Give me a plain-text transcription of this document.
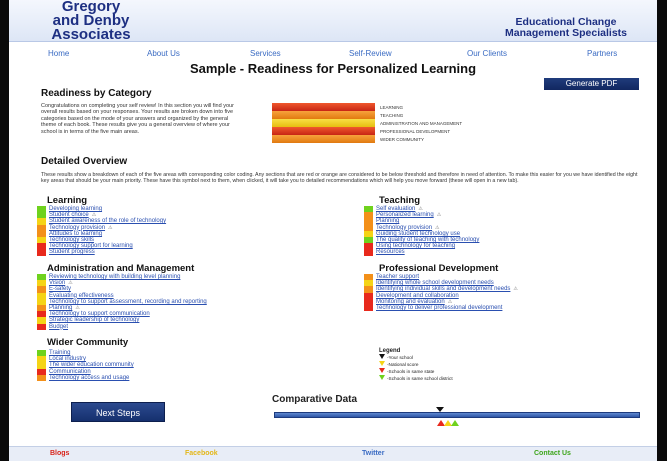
Gregory
and Denby
Associates
Educational Change
Management Specialists
Home	About Us	Services	Self-Review	Our Clients	Partners
Sample - Readiness for Personalized Learning
Generate PDF
Readiness by Category
Congratulations on completing your self review! In this section you will find your overall results based on your responses. Your results are broken down into five categories based on the mode of your answers and organized by the general theme of each book. These results give you a general overview of where your school is in terms of the five main areas.
LEARNING
TEACHING
ADMINISTRATION AND MANAGEMENT
PROFESSIONAL DEVELOPMENT
WIDER COMMUNITY
Detailed Overview
These results show a breakdown of each of the five areas with corresponding color coding. Any sections that are red or orange are considered to be below threshold and therefore in need of attention. To make this easier for you we have identified the eight key areas that should be your main priority. These have this symbol next to them, when clicked, it will take you to detailed recommendations which will help you move forward (these will open in a new tab).
Learning
Developing learning
Student choice ⚠
Student awareness of the role of technology
Technology provision ⚠
Attitudes to learning
Technology skills
Technology support for learning
Student progress
Teaching
Self evaluation ⚠
Personalized learning ⚠
Planning
Technology provision ⚠
Guiding student technology use
The quality of teaching with technology
Using technology for teaching
Resources
Administration and Management
Reviewing technology with building level planning
Vision ⚠
E-safety
Evaluating effectiveness
Technology to support assessment, recording and reporting
Planning ⚠
Technology to support communication
Strategic leadership of technology
Budget
Professional Development
Teacher support
Identifying whole school development needs
Identifying individual skills and development needs ⚠
Development and collaboration
Monitoring and evaluation ⚠
Technology to deliver professional development
Wider Community
Training
Local industry
The wider education community
Communication
Technology access and usage
Legend
-Your school
-National score
-Schools in same state
-Schools in same school district
Next Steps
Comparative Data
Blogs	Facebook	Twitter	Contact Us
